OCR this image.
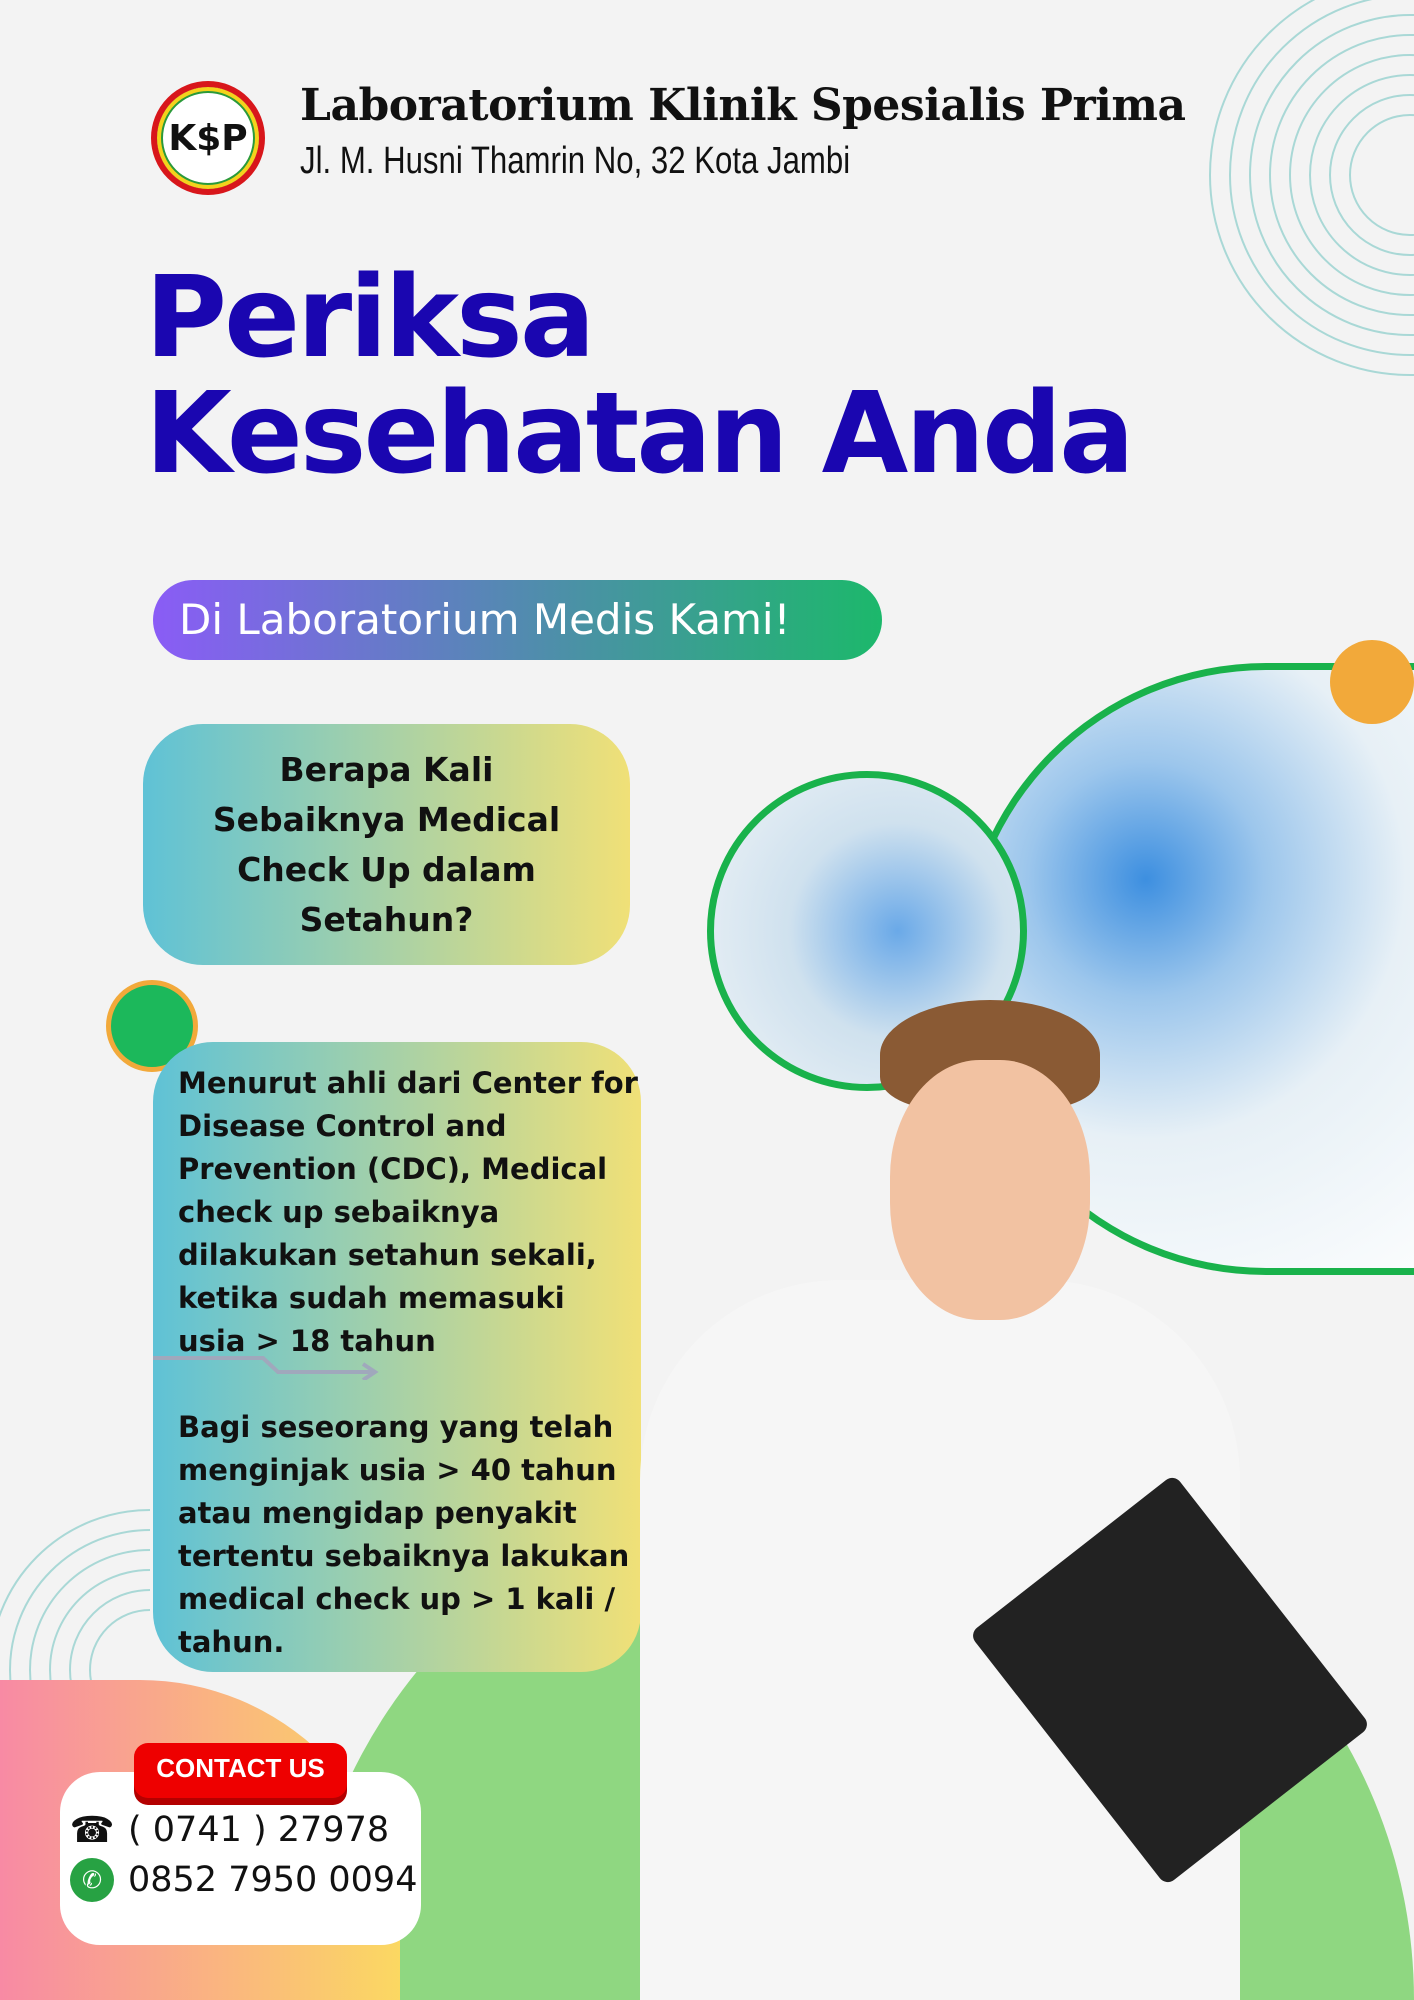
K$P
Laboratorium Klinik Spesialis Prima
Jl. M. Husni Thamrin No, 32 Kota Jambi
Periksa
Kesehatan Anda
Di Laboratorium Medis Kami!
Berapa Kali Sebaiknya Medical Check Up dalam Setahun?

Menurut ahli dari Center for Disease Control and Prevention (CDC), Medical check up sebaiknya dilakukan setahun sekali, ketika sudah memasuki usia > 18 tahun

Bagi seseorang yang telah menginjak usia > 40 tahun atau mengidap penyakit tertentu sebaiknya lakukan medical check up > 1 kali / tahun.

CONTACT US
☎ ( 0741 ) 27978
✆ 0852 7950 0094
